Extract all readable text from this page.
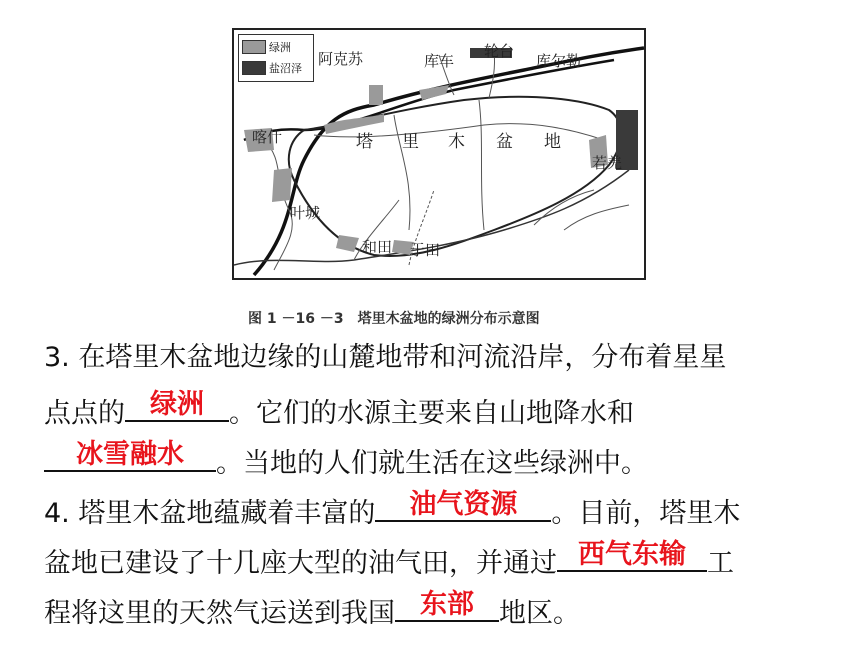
绿洲
盐沼泽
阿克苏	库车
轮台
库尔勒
喀什
若羌
叶城
和田 于田
塔 里 木 盆 地
图 1 －16 －3　塔里木盆地的绿洲分布示意图
3. 在塔里木盆地边缘的山麓地带和河流沿岸，分布着星星
点点的 绿洲 。它们的水源主要来自山地降水和
冰雪融水	。当地的人们就生活在这些绿洲中。
4. 塔里木盆地蕴藏着丰富的	油气资源	。目前，塔里木
盆地已建设了十几座大型的油气田，并通过 西气东输 工
程将这里的天然气运送到我国 东部 地区。
